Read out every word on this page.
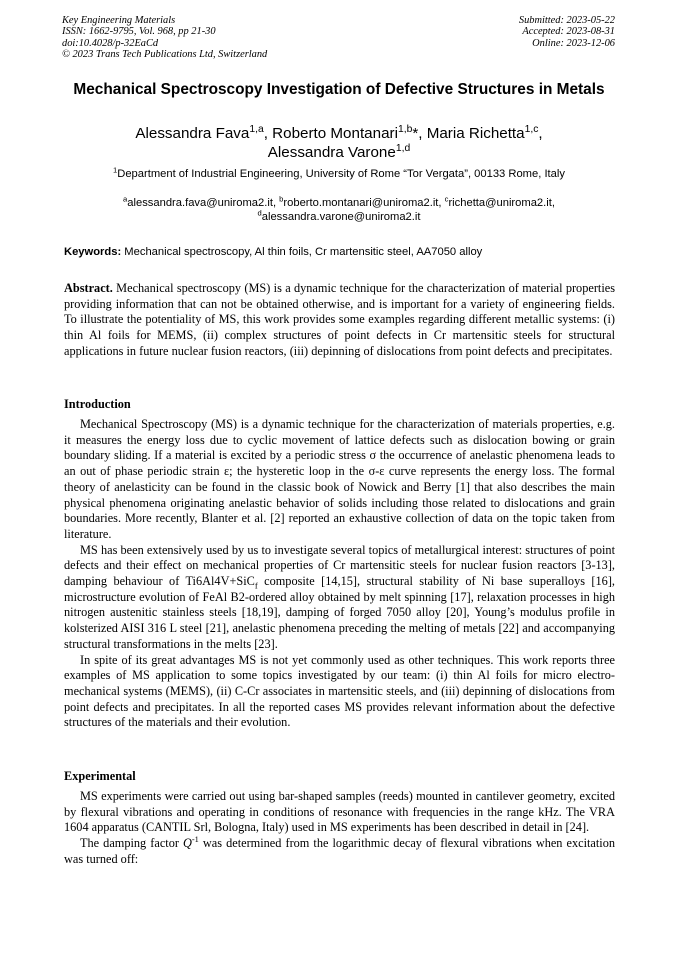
Key Engineering Materials
ISSN: 1662-9795, Vol. 968, pp 21-30
doi:10.4028/p-32EaCd
© 2023 Trans Tech Publications Ltd, Switzerland
Submitted: 2023-05-22
Accepted: 2023-08-31
Online: 2023-12-06
Mechanical Spectroscopy Investigation of Defective Structures in Metals
Alessandra Fava$^{1,a}$, Roberto Montanari$^{1,b}$*, Maria Richetta$^{1,c}$,
Alessandra Varone$^{1,d}$
$^1$Department of Industrial Engineering, University of Rome “Tor Vergata”, 00133 Rome, Italy
$^a$alessandra.fava@uniroma2.it, $^b$roberto.montanari@uniroma2.it, $^c$richetta@uniroma2.it,
$^d$alessandra.varone@uniroma2.it
Keywords: Mechanical spectroscopy, Al thin foils, Cr martensitic steel, AA7050 alloy

Abstract. Mechanical spectroscopy (MS) is a dynamic technique for the characterization of material properties providing information that can not be obtained otherwise, and is important for a variety of engineering fields. To illustrate the potentiality of MS, this work provides some examples regarding different metallic systems: (i) thin Al foils for MEMS, (ii) complex structures of point defects in Cr martensitic steels for structural applications in future nuclear fusion reactors, (iii) depinning of dislocations from point defects and precipitates.

Introduction

Mechanical Spectroscopy (MS) is a dynamic technique for the characterization of materials properties, e.g. it measures the energy loss due to cyclic movement of lattice defects such as dislocation bowing or grain boundary sliding. If a material is excited by a periodic stress σ the occurrence of anelastic phenomena leads to an out of phase periodic strain ε; the hysteretic loop in the σ-ε curve represents the energy loss. The formal theory of anelasticity can be found in the classic book of Nowick and Berry [1] that also describes the main physical phenomena originating anelastic behavior of solids including those related to dislocations and grain boundaries. More recently, Blanter et al. [2] reported an exhaustive collection of data on the topic taken from literature.

MS has been extensively used by us to investigate several topics of metallurgical interest: structures of point defects and their effect on mechanical properties of Cr martensitic steels for nuclear fusion reactors [3-13], damping behaviour of Ti6Al4V+SiC$_f$ composite [14,15], structural stability of Ni base superalloys [16], microstructure evolution of FeAl B2-ordered alloy obtained by melt spinning [17], relaxation processes in high nitrogen austenitic stainless steels [18,19], damping of forged 7050 alloy [20], Young’s modulus profile in kolsterized AISI 316 L steel [21], anelastic phenomena preceding the melting of metals [22] and accompanying structural transformations in the melts [23].

In spite of its great advantages MS is not yet commonly used as other techniques. This work reports three examples of MS application to some topics investigated by our team: (i) thin Al foils for micro electro-mechanical systems (MEMS), (ii) C-Cr associates in martensitic steels, and (iii) depinning of dislocations from point defects and precipitates. In all the reported cases MS provides relevant information about the defective structures of the materials and their evolution.

Experimental

MS experiments were carried out using bar-shaped samples (reeds) mounted in cantilever geometry, excited by flexural vibrations and operating in conditions of resonance with frequencies in the range kHz. The VRA 1604 apparatus (CANTIL Srl, Bologna, Italy) used in MS experiments has been described in detail in [24].

The damping factor $Q^{-1}$ was determined from the logarithmic decay of flexural vibrations when excitation was turned off:
